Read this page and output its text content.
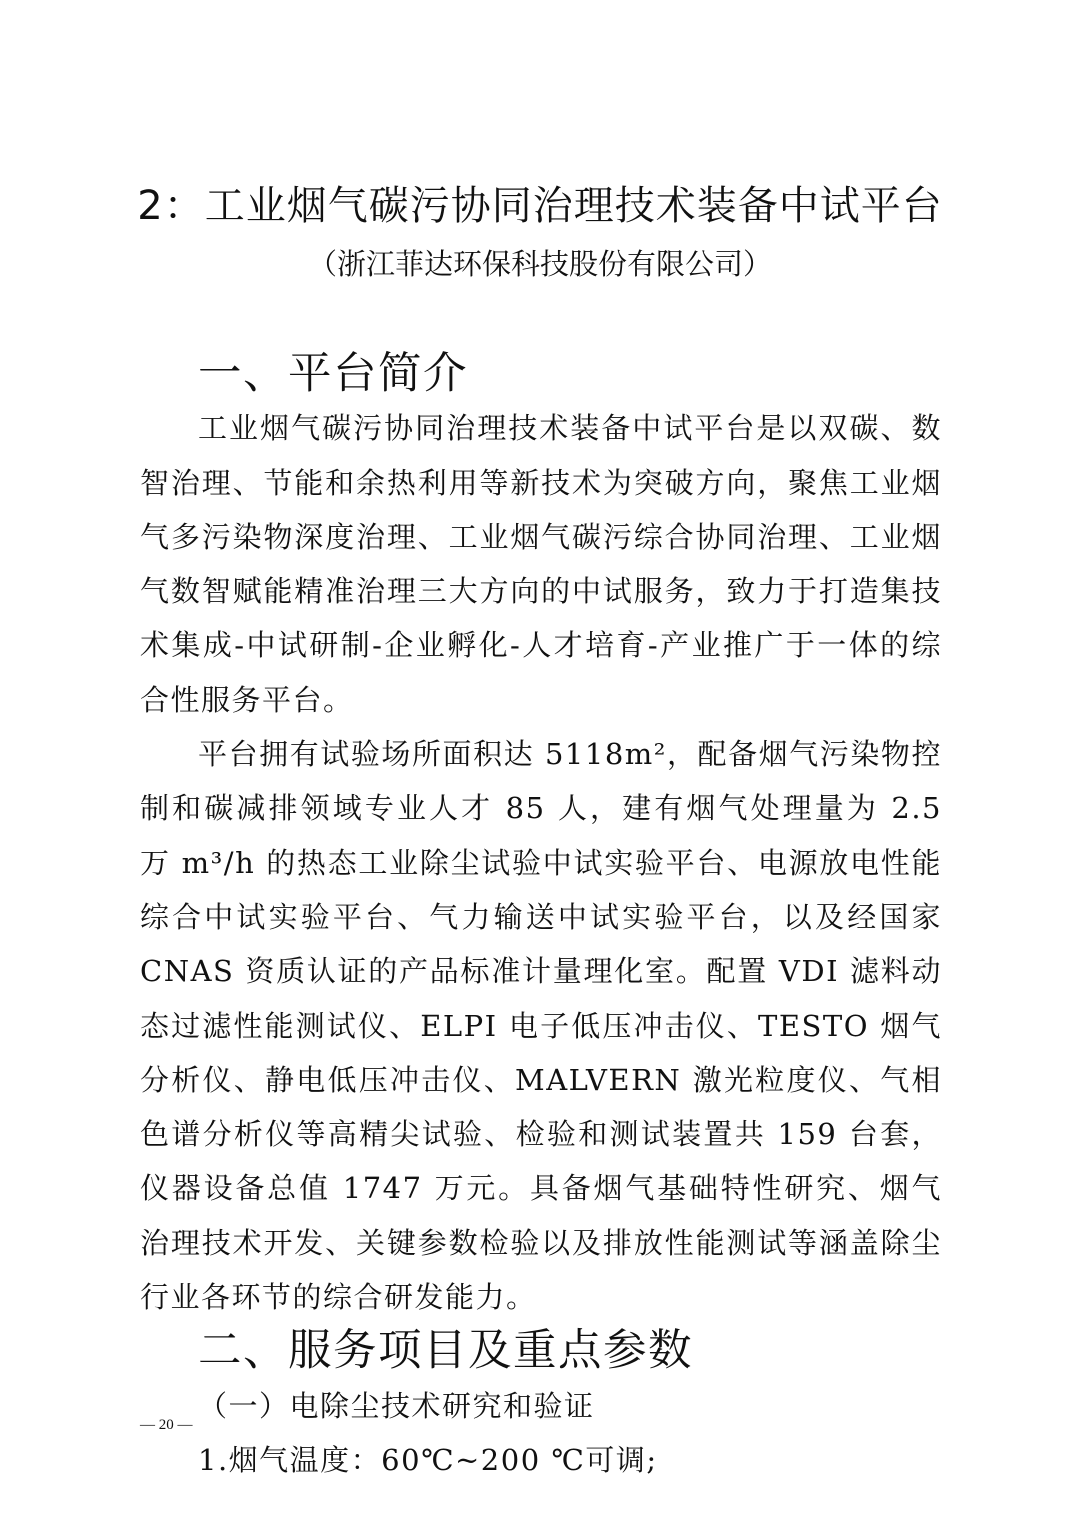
2：工业烟气碳污协同治理技术装备中试平台

（浙江菲达环保科技股份有限公司）

一、平台简介

工业烟气碳污协同治理技术装备中试平台是以双碳、数智治理、节能和余热利用等新技术为突破方向，聚焦工业烟气多污染物深度治理、工业烟气碳污综合协同治理、工业烟气数智赋能精准治理三大方向的中试服务，致力于打造集技术集成-中试研制-企业孵化-人才培育-产业推广于一体的综合性服务平台。

平台拥有试验场所面积达 5118m²，配备烟气污染物控制和碳减排领域专业人才 85 人，建有烟气处理量为 2.5 万 m³/h 的热态工业除尘试验中试实验平台、电源放电性能综合中试实验平台、气力输送中试实验平台，以及经国家 CNAS 资质认证的产品标准计量理化室。配置 VDI 滤料动态过滤性能测试仪、ELPI 电子低压冲击仪、TESTO 烟气分析仪、静电低压冲击仪、MALVERN 激光粒度仪、气相色谱分析仪等高精尖试验、检验和测试装置共 159 台套，仪器设备总值 1747 万元。具备烟气基础特性研究、烟气治理技术开发、关键参数检验以及排放性能测试等涵盖除尘行业各环节的综合研发能力。

二、服务项目及重点参数

（一）电除尘技术研究和验证

1.烟气温度：60℃~200 ℃可调;

— 20 —
